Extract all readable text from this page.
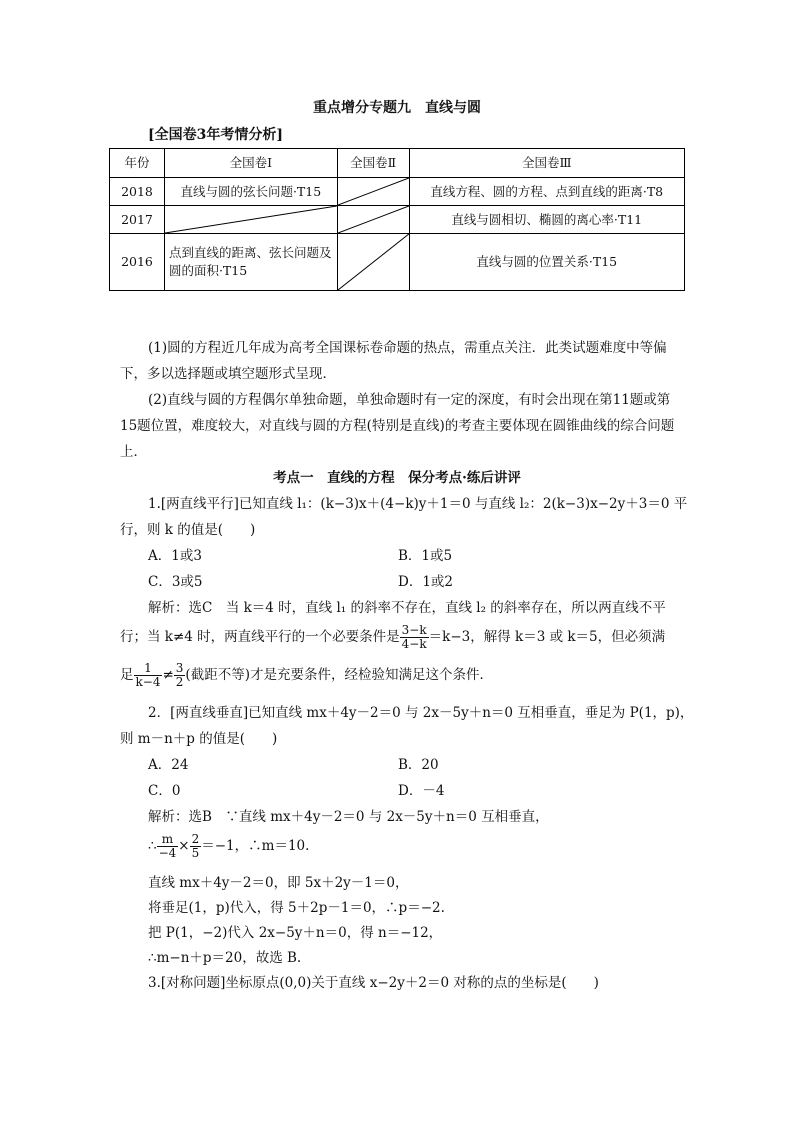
重点增分专题九　直线与圆
[全国卷3年考情分析]
年份	全国卷Ⅰ	全国卷Ⅱ	全国卷Ⅲ
2018	直线与圆的弦长问题·T15		直线方程、圆的方程、点到直线的距离·T8
2017			直线与圆相切、椭圆的离心率·T11
2016	点到直线的距离、弦长问题及圆的面积·T15		直线与圆的位置关系·T15
(1)圆的方程近几年成为高考全国课标卷命题的热点，需重点关注．此类试题难度中等偏下，多以选择题或填空题形式呈现．
(2)直线与圆的方程偶尔单独命题，单独命题时有一定的深度，有时会出现在第11题或第15题位置，难度较大，对直线与圆的方程(特别是直线)的考查主要体现在圆锥曲线的综合问题上．
考点一　直线的方程　保分考点·练后讲评
1.[两直线平行]已知直线 l₁：(k−3)x＋(4−k)y＋1＝0 与直线 l₂：2(k−3)x−2y＋3＝0 平
行，则 k 的值是(　　)
A．1或3	B．1或5
C．3或5	D．1或2
解析：选C　当 k＝4 时，直线 l₁ 的斜率不存在，直线 l₂ 的斜率存在，所以两直线不平
行；当 k≠4 时，两直线平行的一个必要条件是 $\frac{3-k}{4-k} =k-3$，解得 k＝3 或 k＝5，但必须满
足 $\frac{1}{k-4} \ne \frac{3}{2}$ (截距不等)才是充要条件，经检验知满足这个条件．
2．[两直线垂直]已知直线 mx＋4y－2＝0 与 2x－5y＋n＝0 互相垂直，垂足为 P(1，p)，
则 m－n＋p 的值是(　　)
A．24	B．20
C．0	D．－4
解析：选B　∵直线 mx＋4y－2＝0 与 2x－5y＋n＝0 互相垂直，
∴ $\frac{m}{-4} \times \frac{2}{5} =-1$，∴m＝10.
直线 mx＋4y－2＝0，即 5x＋2y－1＝0，
将垂足(1，p)代入，得 5＋2p－1＝0，∴p＝−2.
把 P(1，−2)代入 2x−5y＋n＝0，得 n＝−12，
∴m−n＋p＝20，故选 B.
3.[对称问题]坐标原点(0,0)关于直线 x−2y＋2＝0 对称的点的坐标是(　　)
